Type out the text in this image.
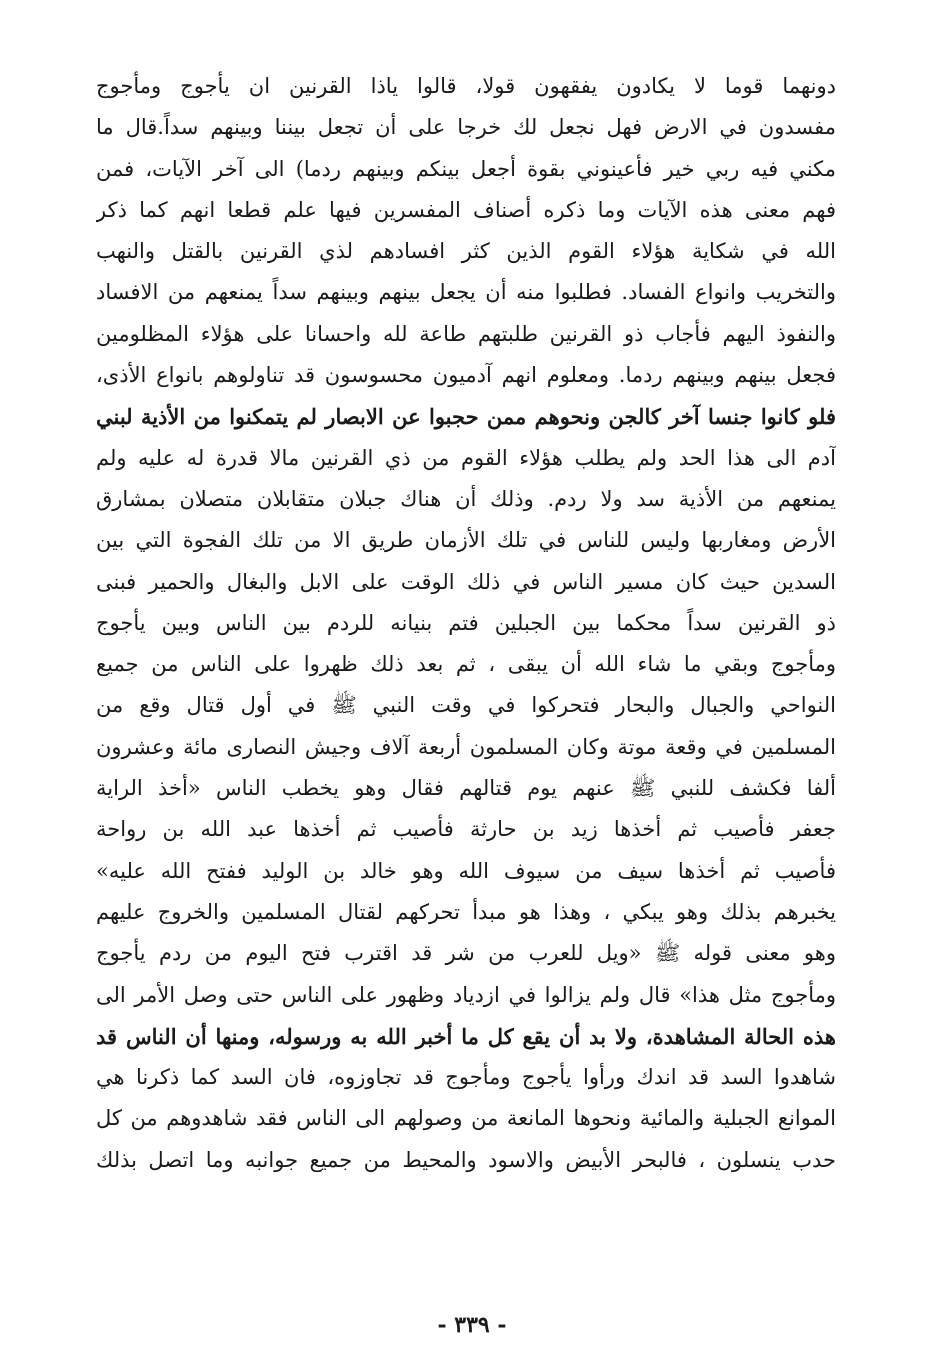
دونهما قوما لا يكادون يفقهون قولا، قالوا ياذا القرنين ان يأجوج ومأجوج
مفسدون في الارض فهل نجعل لك خرجا على أن تجعل بيننا وبينهم سداً.قال ما
مكني فيه ربي خير فأعينوني بقوة أجعل بينكم وبينهم ردما) الى آخر الآيات، فمن
فهم معنى هذه الآيات وما ذكره أصناف المفسرين فيها علم قطعا انهم كما ذكر
الله في شكاية هؤلاء القوم الذين كثر افسادهم لذي القرنين بالقتل والنهب
والتخريب وانواع الفساد. فطلبوا منه أن يجعل بينهم وبينهم سداً يمنعهم من الافساد
والنفوذ اليهم فأجاب ذو القرنين طلبتهم طاعة لله واحسانا على هؤلاء المظلومين
فجعل بينهم وبينهم ردما. ومعلوم انهم آدميون محسوسون قد تناولوهم بانواع الأذى،
فلو كانوا جنسا آخر كالجن ونحوهم ممن حجبوا عن الابصار لم يتمكنوا من الأذية لبني
آدم الى هذا الحد ولم يطلب هؤلاء القوم من ذي القرنين مالا قدرة له عليه ولم
يمنعهم من الأذية سد ولا ردم. وذلك أن هناك جبلان متقابلان متصلان بمشارق
الأرض ومغاربها وليس للناس في تلك الأزمان طريق الا من تلك الفجوة التي بين
السدين حيث كان مسير الناس في ذلك الوقت على الابل والبغال والحمير فبنى
ذو القرنين سداً محكما بين الجبلين فتم بنيانه للردم بين الناس وبين يأجوج
ومأجوج وبقي ما شاء الله أن يبقى ، ثم بعد ذلك ظهروا على الناس من جميع
النواحي والجبال والبحار فتحركوا في وقت النبي ﷺ في أول قتال وقع من
المسلمين في وقعة موتة وكان المسلمون أربعة آلاف وجيش النصارى مائة وعشرون
ألفا فكشف للنبي ﷺ عنهم يوم قتالهم فقال وهو يخطب الناس «أخذ الراية
جعفر فأصيب ثم أخذها زيد بن حارثة فأصيب ثم أخذها عبد الله بن رواحة
فأصيب ثم أخذها سيف من سيوف الله وهو خالد بن الوليد ففتح الله عليه»
يخبرهم بذلك وهو يبكي ، وهذا هو مبدأ تحركهم لقتال المسلمين والخروج عليهم
وهو معنى قوله ﷺ «ويل للعرب من شر قد اقترب فتح اليوم من ردم يأجوج
ومأجوج مثل هذا» قال ولم يزالوا في ازدياد وظهور على الناس حتى وصل الأمر الى
هذه الحالة المشاهدة، ولا بد أن يقع كل ما أخبر الله به ورسوله، ومنها أن الناس قد
شاهدوا السد قد اندك ورأوا يأجوج ومأجوج قد تجاوزوه، فان السد كما ذكرنا هي
الموانع الجبلية والمائية ونحوها المانعة من وصولهم الى الناس فقد شاهدوهم من كل
حدب ينسلون ، فالبحر الأبيض والاسود والمحيط من جميع جوانبه وما اتصل بذلك
- ٣٣٩ -
